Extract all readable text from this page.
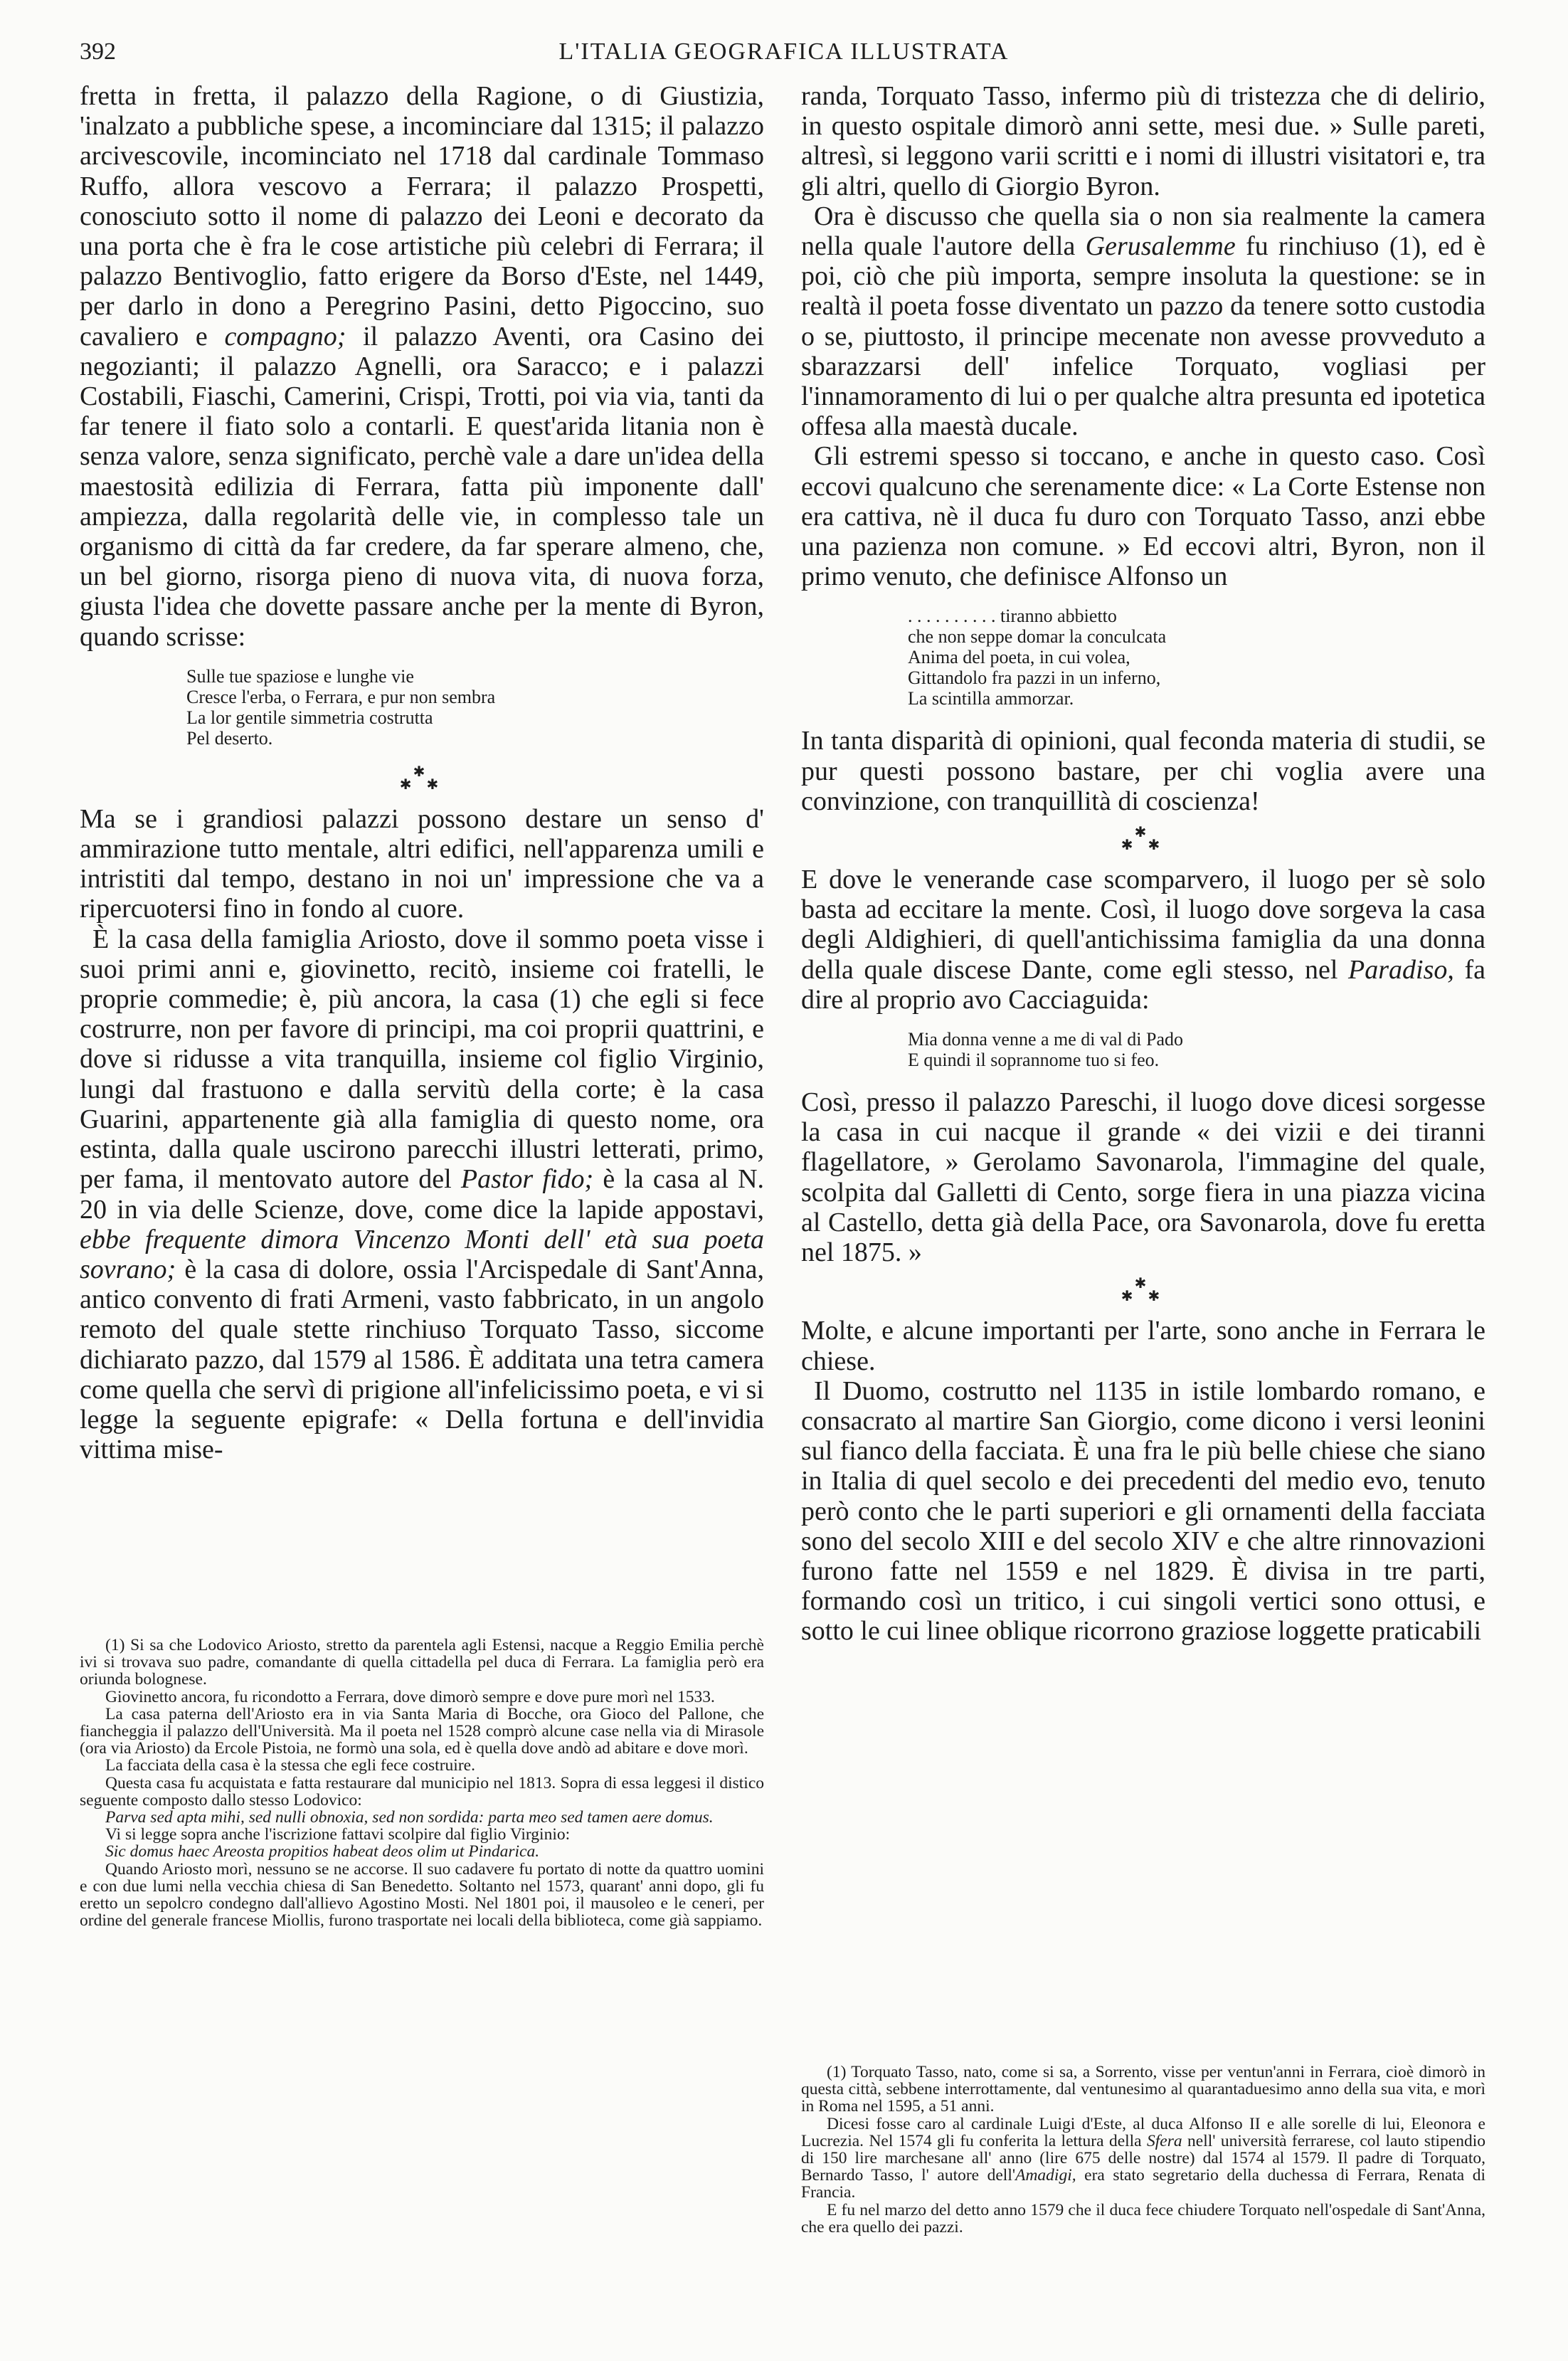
392	L'ITALIA GEOGRAFICA ILLUSTRATA

fretta in fretta, il palazzo della Ragione, o di Giustizia, 'inalzato a pubbliche spese, a incominciare dal 1315; il palazzo arcivescovile, incominciato nel 1718 dal cardinale Tommaso Ruffo, allora vescovo a Ferrara; il palazzo Prospetti, conosciuto sotto il nome di palazzo dei Leoni e decorato da una porta che è fra le cose artistiche più celebri di Ferrara; il palazzo Bentivoglio, fatto erigere da Borso d'Este, nel 1449, per darlo in dono a Peregrino Pasini, detto Pigoccino, suo cavaliero e compagno; il palazzo Aventi, ora Casino dei negozianti; il palazzo Agnelli, ora Saracco; e i palazzi Costabili, Fiaschi, Camerini, Crispi, Trotti, poi via via, tanti da far tenere il fiato solo a contarli. E quest'arida litania non è senza valore, senza significato, perchè vale a dare un'idea della maestosità edilizia di Ferrara, fatta più imponente dall' ampiezza, dalla regolarità delle vie, in complesso tale un organismo di città da far credere, da far sperare almeno, che, un bel giorno, risorga pieno di nuova vita, di nuova forza, giusta l'idea che dovette passare anche per la mente di Byron, quando scrisse:

Sulle tue spaziose e lunghe vie
Cresce l'erba, o Ferrara, e pur non sembra
La lor gentile simmetria costrutta
Pel deserto.
✱
✱ ✱

Ma se i grandiosi palazzi possono destare un senso d' ammirazione tutto mentale, altri edifici, nell'apparenza umili e intristiti dal tempo, destano in noi un' impressione che va a ripercuotersi fino in fondo al cuore.

È la casa della famiglia Ariosto, dove il sommo poeta visse i suoi primi anni e, giovinetto, recitò, insieme coi fratelli, le proprie commedie; è, più ancora, la casa (1) che egli si fece costrurre, non per favore di principi, ma coi proprii quattrini, e dove si ridusse a vita tranquilla, insieme col figlio Virginio, lungi dal frastuono e dalla servitù della corte; è la casa Guarini, appartenente già alla famiglia di questo nome, ora estinta, dalla quale uscirono parecchi illustri letterati, primo, per fama, il mentovato autore del Pastor fido; è la casa al N. 20 in via delle Scienze, dove, come dice la lapide appostavi, ebbe frequente dimora Vincenzo Monti dell' età sua poeta sovrano; è la casa di dolore, ossia l'Arcispedale di Sant'Anna, antico convento di frati Armeni, vasto fabbricato, in un angolo remoto del quale stette rinchiuso Torquato Tasso, siccome dichiarato pazzo, dal 1579 al 1586. È additata una tetra camera come quella che servì di prigione all'infelicissimo poeta, e vi si legge la seguente epigrafe: « Della fortuna e dell'invidia vittima mise-

(1) Si sa che Lodovico Ariosto, stretto da parentela agli Estensi, nacque a Reggio Emilia perchè ivi si trovava suo padre, comandante di quella cittadella pel duca di Ferrara. La famiglia però era oriunda bolognese.

Giovinetto ancora, fu ricondotto a Ferrara, dove dimorò sempre e dove pure morì nel 1533.

La casa paterna dell'Ariosto era in via Santa Maria di Bocche, ora Gioco del Pallone, che fiancheggia il palazzo dell'Università. Ma il poeta nel 1528 comprò alcune case nella via di Mirasole (ora via Ariosto) da Ercole Pistoia, ne formò una sola, ed è quella dove andò ad abitare e dove morì.

La facciata della casa è la stessa che egli fece costruire.

Questa casa fu acquistata e fatta restaurare dal municipio nel 1813. Sopra di essa leggesi il distico seguente composto dallo stesso Lodovico:

Parva sed apta mihi, sed nulli obnoxia, sed non sordida: parta meo sed tamen aere domus.

Vi si legge sopra anche l'iscrizione fattavi scolpire dal figlio Virginio:

Sic domus haec Areosta propitios habeat deos olim ut Pindarica.

Quando Ariosto morì, nessuno se ne accorse. Il suo cadavere fu portato di notte da quattro uomini e con due lumi nella vecchia chiesa di San Benedetto. Soltanto nel 1573, quarant' anni dopo, gli fu eretto un sepolcro condegno dall'allievo Agostino Mosti. Nel 1801 poi, il mausoleo e le ceneri, per ordine del generale francese Miollis, furono trasportate nei locali della biblioteca, come già sappiamo.

randa, Torquato Tasso, infermo più di tristezza che di delirio, in questo ospitale dimorò anni sette, mesi due. » Sulle pareti, altresì, si leggono varii scritti e i nomi di illustri visitatori e, tra gli altri, quello di Giorgio Byron.

Ora è discusso che quella sia o non sia realmente la camera nella quale l'autore della Gerusalemme fu rinchiuso (1), ed è poi, ciò che più importa, sempre insoluta la questione: se in realtà il poeta fosse diventato un pazzo da tenere sotto custodia o se, piuttosto, il principe mecenate non avesse provveduto a sbarazzarsi dell' infelice Torquato, vogliasi per l'innamoramento di lui o per qualche altra presunta ed ipotetica offesa alla maestà ducale.

Gli estremi spesso si toccano, e anche in questo caso. Così eccovi qualcuno che serenamente dice: « La Corte Estense non era cattiva, nè il duca fu duro con Torquato Tasso, anzi ebbe una pazienza non comune. » Ed eccovi altri, Byron, non il primo venuto, che definisce Alfonso un

. . . . . . . . . . tiranno abbietto
che non seppe domar la conculcata
Anima del poeta, in cui volea,
Gittandolo fra pazzi in un inferno,
La scintilla ammorzar.

In tanta disparità di opinioni, qual feconda materia di studii, se pur questi possono bastare, per chi voglia avere una convinzione, con tranquillità di coscienza!

✱
✱ ✱

E dove le venerande case scomparvero, il luogo per sè solo basta ad eccitare la mente. Così, il luogo dove sorgeva la casa degli Aldighieri, di quell'antichissima famiglia da una donna della quale discese Dante, come egli stesso, nel Paradiso, fa dire al proprio avo Cacciaguida:

Mia donna venne a me di val di Pado
E quindi il soprannome tuo si feo.

Così, presso il palazzo Pareschi, il luogo dove dicesi sorgesse la casa in cui nacque il grande « dei vizii e dei tiranni flagellatore, » Gerolamo Savonarola, l'immagine del quale, scolpita dal Galletti di Cento, sorge fiera in una piazza vicina al Castello, detta già della Pace, ora Savonarola, dove fu eretta nel 1875. »

✱
✱ ✱

Molte, e alcune importanti per l'arte, sono anche in Ferrara le chiese.

Il Duomo, costrutto nel 1135 in istile lombardo romano, e consacrato al martire San Giorgio, come dicono i versi leonini sul fianco della facciata. È una fra le più belle chiese che siano in Italia di quel secolo e dei precedenti del medio evo, tenuto però conto che le parti superiori e gli ornamenti della facciata sono del secolo XIII e del secolo XIV e che altre rinnovazioni furono fatte nel 1559 e nel 1829. È divisa in tre parti, formando così un tritico, i cui singoli vertici sono ottusi, e sotto le cui linee oblique ricorrono graziose loggette praticabili

(1) Torquato Tasso, nato, come si sa, a Sorrento, visse per ventun'anni in Ferrara, cioè dimorò in questa città, sebbene interrottamente, dal ventunesimo al quarantaduesimo anno della sua vita, e morì in Roma nel 1595, a 51 anni.

Dicesi fosse caro al cardinale Luigi d'Este, al duca Alfonso II e alle sorelle di lui, Eleonora e Lucrezia. Nel 1574 gli fu conferita la lettura della Sfera nell' università ferrarese, col lauto stipendio di 150 lire marchesane all' anno (lire 675 delle nostre) dal 1574 al 1579. Il padre di Torquato, Bernardo Tasso, l' autore dell'Amadigi, era stato segretario della duchessa di Ferrara, Renata di Francia.

E fu nel marzo del detto anno 1579 che il duca fece chiudere Torquato nell'ospedale di Sant'Anna, che era quello dei pazzi.
